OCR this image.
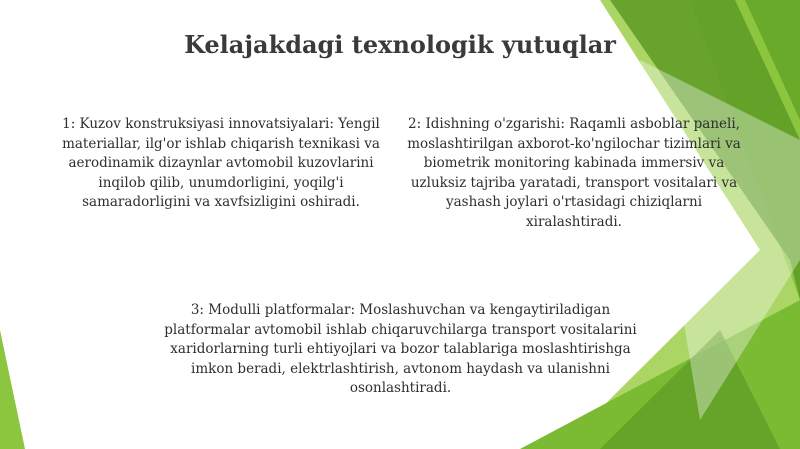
Kelajakdagi texnologik yutuqlar
1: Kuzov konstruksiyasi innovatsiyalari: Yengil materiallar, ilg'or ishlab chiqarish texnikasi va aerodinamik dizaynlar avtomobil kuzovlarini inqilob qilib, unumdorligini, yoqilg'i samaradorligini va xavfsizligini oshiradi.
2: Idishning o'zgarishi: Raqamli asboblar paneli, moslashtirilgan axborot-ko'ngilochar tizimlari va biometrik monitoring kabinada immersiv va uzluksiz tajriba yaratadi, transport vositalari va yashash joylari o'rtasidagi chiziqlarni xiralashtiradi.
3: Modulli platformalar: Moslashuvchan va kengaytiriladigan platformalar avtomobil ishlab chiqaruvchilarga transport vositalarini xaridorlarning turli ehtiyojlari va bozor talablariga moslashtirishga imkon beradi, elektrlashtirish, avtonom haydash va ulanishni osonlashtiradi.
